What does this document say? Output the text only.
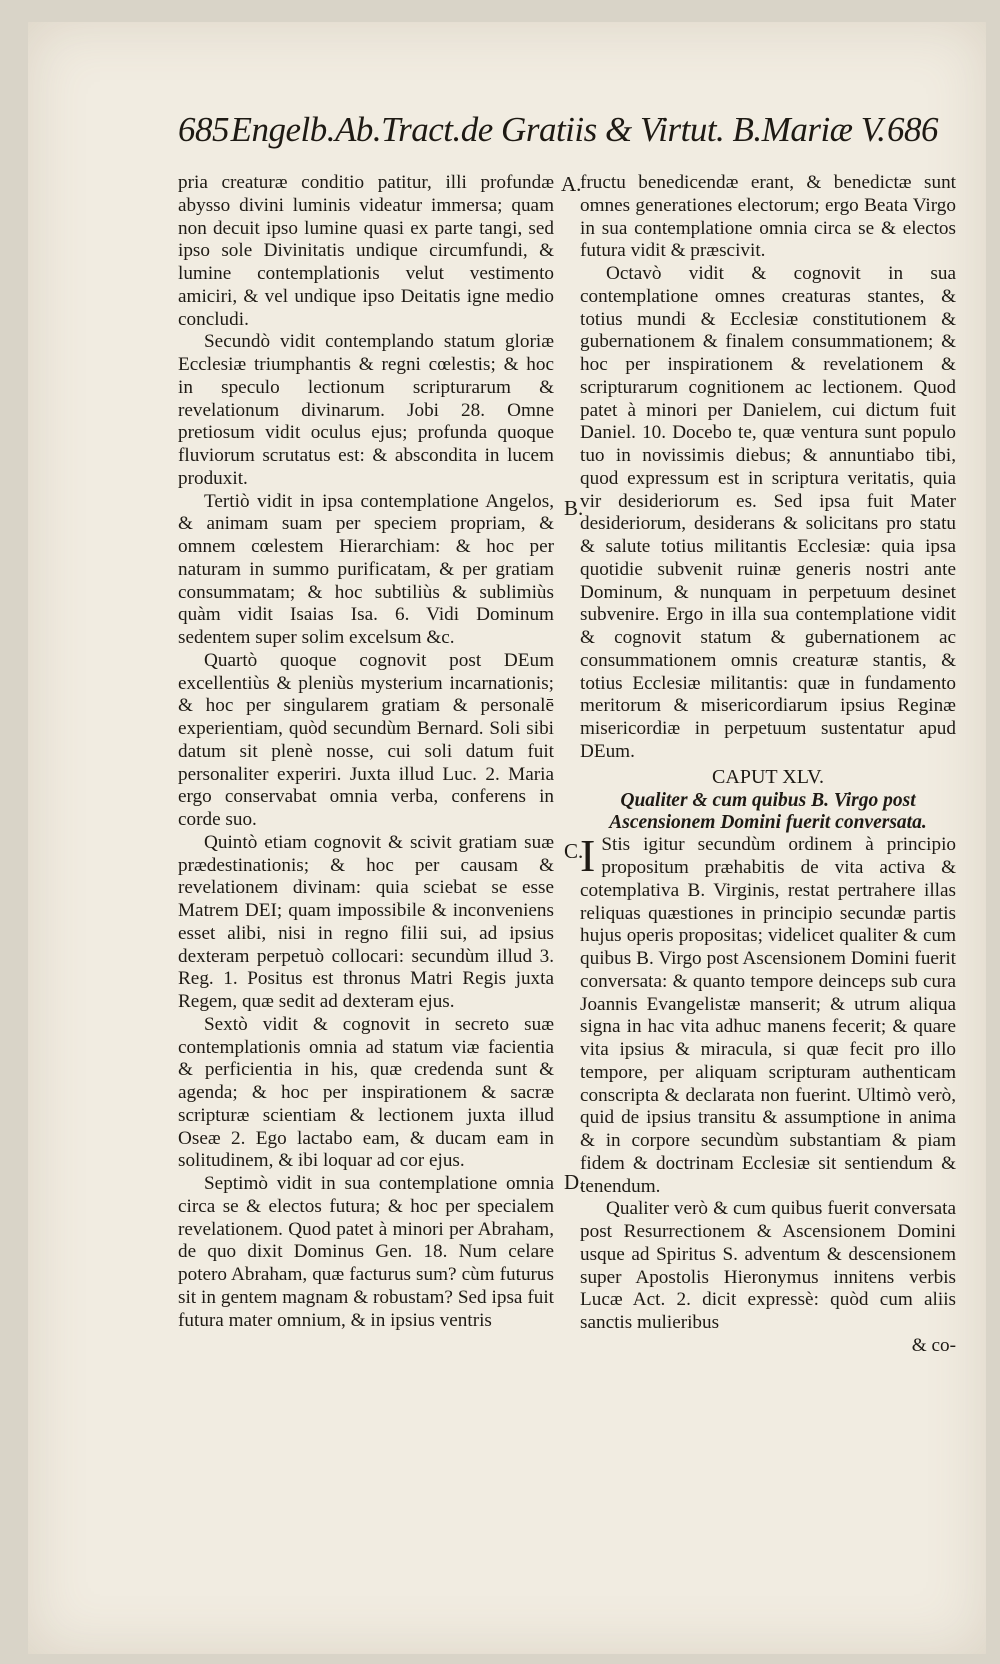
685 Engelb.Ab.Tract.de Gratiis & Virtut. B.Mariæ V. 686
A.
B.
C.
D.

pria creaturæ conditio patitur, illi profundæ abysso divini luminis videatur immersa; quam non decuit ipso lumine quasi ex parte tangi, sed ipso sole Divinitatis undique circumfundi, & lumine contemplationis velut vestimento amiciri, & vel undique ipso Deitatis igne medio concludi.

Secundò vidit contemplando statum gloriæ Ecclesiæ triumphantis & regni cœlestis; & hoc in speculo lectionum scripturarum & revelationum divinarum. Jobi 28. Omne pretiosum vidit oculus ejus; profunda quoque fluviorum scrutatus est: & abscondita in lucem produxit.

Tertiò vidit in ipsa contemplatione Angelos, & animam suam per speciem propriam, & omnem cœlestem Hierarchiam: & hoc per naturam in summo purificatam, & per gratiam consummatam; & hoc subtiliùs & sublimiùs quàm vidit Isaias Isa. 6. Vidi Dominum sedentem super solim excelsum &c.

Quartò quoque cognovit post DEum excellentiùs & pleniùs mysterium incarnationis; & hoc per singularem gratiam & personalē experientiam, quòd secundùm Bernard. Soli sibi datum sit plenè nosse, cui soli datum fuit personaliter experiri. Juxta illud Luc. 2. Maria ergo conservabat omnia verba, conferens in corde suo.

Quintò etiam cognovit & scivit gratiam suæ prædestinationis; & hoc per causam & revelationem divinam: quia sciebat se esse Matrem DEI; quam impossibile & inconveniens esset alibi, nisi in regno filii sui, ad ipsius dexteram perpetuò collocari: secundùm illud 3. Reg. 1. Positus est thronus Matri Regis juxta Regem, quæ sedit ad dexteram ejus.

Sextò vidit & cognovit in secreto suæ contemplationis omnia ad statum viæ facientia & perficientia in his, quæ credenda sunt & agenda; & hoc per inspirationem & sacræ scripturæ scientiam & lectionem juxta illud Oseæ 2. Ego lactabo eam, & ducam eam in solitudinem, & ibi loquar ad cor ejus.

Septimò vidit in sua contemplatione omnia circa se & electos futura; & hoc per specialem revelationem. Quod patet à minori per Abraham, de quo dixit Dominus Gen. 18. Num celare potero Abraham, quæ facturus sum? cùm futurus sit in gentem magnam & robustam? Sed ipsa fuit futura mater omnium, & in ipsius ventris

fructu benedicendæ erant, & benedictæ sunt omnes generationes electorum; ergo Beata Virgo in sua contemplatione omnia circa se & electos futura vidit & præscivit.

Octavò vidit & cognovit in sua contemplatione omnes creaturas stantes, & totius mundi & Ecclesiæ constitutionem & gubernationem & finalem consummationem; & hoc per inspirationem & revelationem & scripturarum cognitionem ac lectionem. Quod patet à minori per Danielem, cui dictum fuit Daniel. 10. Docebo te, quæ ventura sunt populo tuo in novissimis diebus; & annuntiabo tibi, quod expressum est in scriptura veritatis, quia vir desideriorum es. Sed ipsa fuit Mater desideriorum, desiderans & solicitans pro statu & salute totius militantis Ecclesiæ: quia ipsa quotidie subvenit ruinæ generis nostri ante Dominum, & nunquam in perpetuum desinet subvenire. Ergo in illa sua contemplatione vidit & cognovit statum & gubernationem ac consummationem omnis creaturæ stantis, & totius Ecclesiæ militantis: quæ in fundamento meritorum & misericordiarum ipsius Reginæ misericordiæ in perpetuum sustentatur apud DEum.

CAPUT XLV.
Qualiter & cum quibus B. Virgo post Ascensionem Domini fuerit conversata.

I Stis igitur secundùm ordinem à principio propositum præhabitis de vita activa & cotemplativa B. Virginis, restat pertrahere illas reliquas quæstiones in principio secundæ partis hujus operis propositas; videlicet qualiter & cum quibus B. Virgo post Ascensionem Domini fuerit conversata: & quanto tempore deinceps sub cura Joannis Evangelistæ manserit; & utrum aliqua signa in hac vita adhuc manens fecerit; & quare vita ipsius & miracula, si quæ fecit pro illo tempore, per aliquam scripturam authenticam conscripta & declarata non fuerint. Ultimò verò, quid de ipsius transitu & assumptione in anima & in corpore secundùm substantiam & piam fidem & doctrinam Ecclesiæ sit sentiendum & tenendum.

Qualiter verò & cum quibus fuerit conversata post Resurrectionem & Ascensionem Domini usque ad Spiritus S. adventum & descensionem super Apostolis Hieronymus innitens verbis Lucæ Act. 2. dicit expressè: quòd cum aliis sanctis mulieribus

& co-
